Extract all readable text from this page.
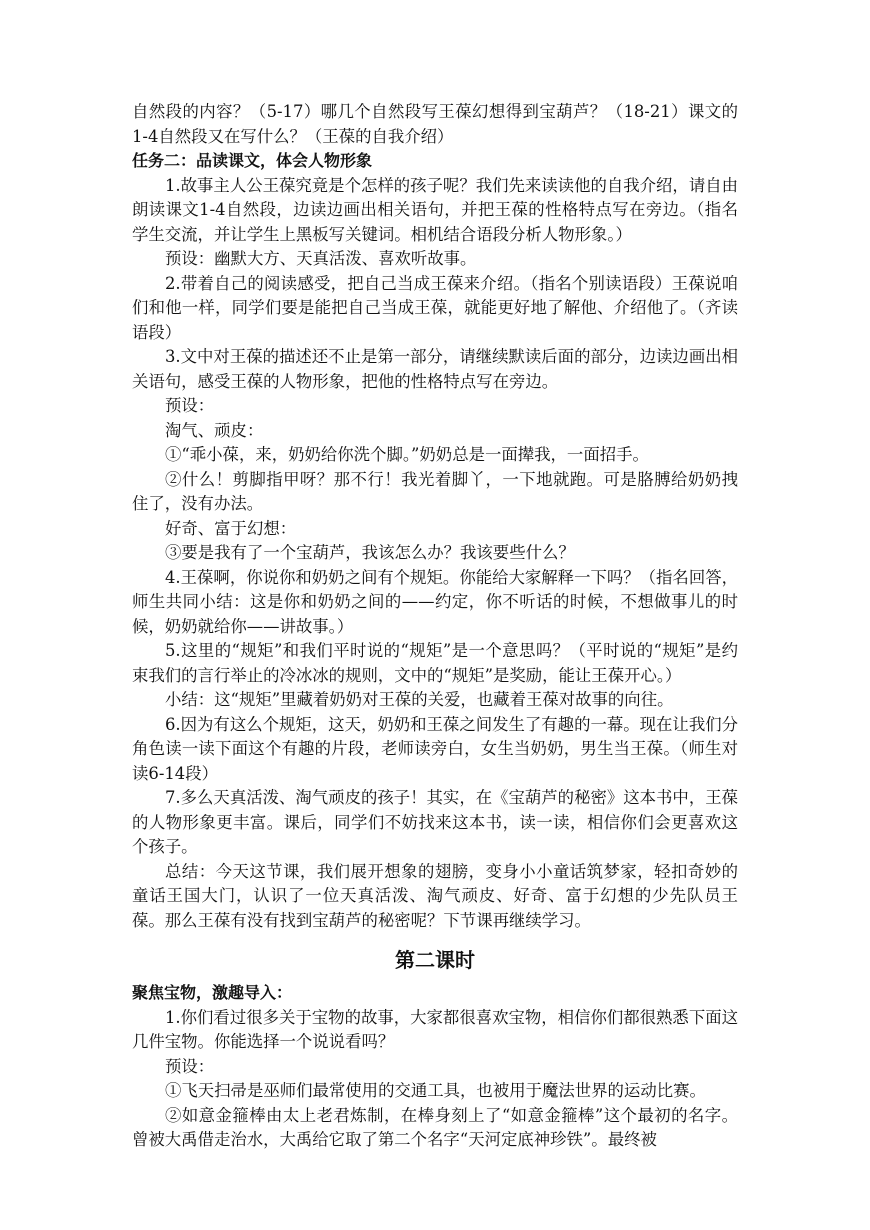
自然段的内容？（5-17）哪几个自然段写王葆幻想得到宝葫芦？（18-21）课文的1-4自然段又在写什么？（王葆的自我介绍）

任务二：品读课文，体会人物形象

1.故事主人公王葆究竟是个怎样的孩子呢？我们先来读读他的自我介绍，请自由朗读课文1-4自然段，边读边画出相关语句，并把王葆的性格特点写在旁边。（指名学生交流，并让学生上黑板写关键词。相机结合语段分析人物形象。）

预设：幽默大方、天真活泼、喜欢听故事。

2.带着自己的阅读感受，把自己当成王葆来介绍。（指名个别读语段）王葆说咱们和他一样，同学们要是能把自己当成王葆，就能更好地了解他、介绍他了。（齐读语段）

3.文中对王葆的描述还不止是第一部分，请继续默读后面的部分，边读边画出相关语句，感受王葆的人物形象，把他的性格特点写在旁边。

预设：

淘气、顽皮：

①“乖小葆，来，奶奶给你洗个脚。”奶奶总是一面撵我，一面招手。

②什么！剪脚指甲呀？那不行！我光着脚丫，一下地就跑。可是胳膊给奶奶拽住了，没有办法。

好奇、富于幻想：

③要是我有了一个宝葫芦，我该怎么办？我该要些什么？

4.王葆啊，你说你和奶奶之间有个规矩。你能给大家解释一下吗？（指名回答，师生共同小结：这是你和奶奶之间的——约定，你不听话的时候，不想做事儿的时候，奶奶就给你——讲故事。）

5.这里的“规矩”和我们平时说的“规矩”是一个意思吗？（平时说的“规矩”是约束我们的言行举止的冷冰冰的规则，文中的“规矩”是奖励，能让王葆开心。）

小结：这“规矩”里藏着奶奶对王葆的关爱，也藏着王葆对故事的向往。

6.因为有这么个规矩，这天，奶奶和王葆之间发生了有趣的一幕。现在让我们分角色读一读下面这个有趣的片段，老师读旁白，女生当奶奶，男生当王葆。（师生对读6-14段）

7.多么天真活泼、淘气顽皮的孩子！其实，在《宝葫芦的秘密》这本书中，王葆的人物形象更丰富。课后，同学们不妨找来这本书，读一读，相信你们会更喜欢这个孩子。

总结：今天这节课，我们展开想象的翅膀，变身小小童话筑梦家，轻扣奇妙的童话王国大门，认识了一位天真活泼、淘气顽皮、好奇、富于幻想的少先队员王葆。那么王葆有没有找到宝葫芦的秘密呢？下节课再继续学习。

第二课时

聚焦宝物，激趣导入：

1.你们看过很多关于宝物的故事，大家都很喜欢宝物，相信你们都很熟悉下面这几件宝物。你能选择一个说说看吗？

预设：

①飞天扫帚是巫师们最常使用的交通工具，也被用于魔法世界的运动比赛。

②如意金箍棒由太上老君炼制，在棒身刻上了“如意金箍棒”这个最初的名字。曾被大禹借走治水，大禹给它取了第二个名字“天河定底神珍铁”。最终被
